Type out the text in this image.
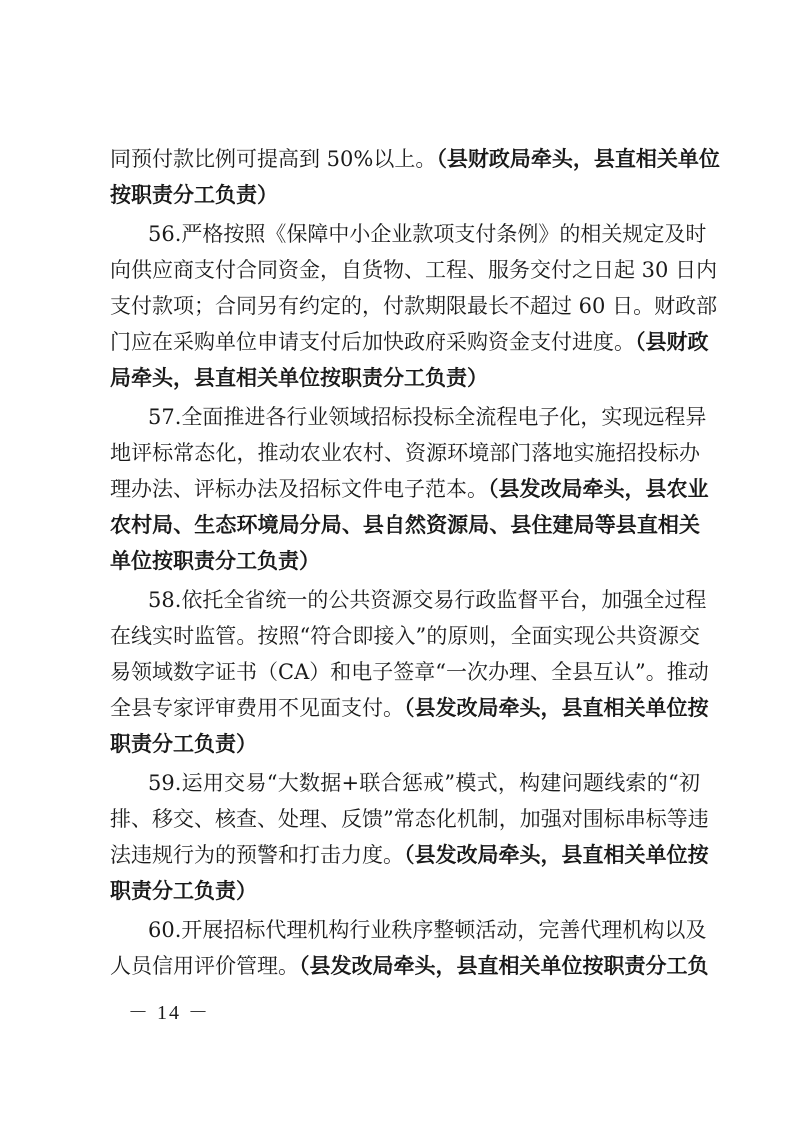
同预付款比例可提高到 50%以上。（县财政局牵头，县直相关单位
按职责分工负责）
56.严格按照《保障中小企业款项支付条例》的相关规定及时
向供应商支付合同资金，自货物、工程、服务交付之日起 30 日内
支付款项；合同另有约定的，付款期限最长不超过 60 日。财政部
门应在采购单位申请支付后加快政府采购资金支付进度。（县财政
局牵头，县直相关单位按职责分工负责）
57.全面推进各行业领域招标投标全流程电子化，实现远程异
地评标常态化，推动农业农村、资源环境部门落地实施招投标办
理办法、评标办法及招标文件电子范本。（县发改局牵头，县农业
农村局、生态环境局分局、县自然资源局、县住建局等县直相关
单位按职责分工负责）
58.依托全省统一的公共资源交易行政监督平台，加强全过程
在线实时监管。按照“符合即接入”的原则，全面实现公共资源交
易领域数字证书（CA）和电子签章“一次办理、全县互认”。推动
全县专家评审费用不见面支付。（县发改局牵头，县直相关单位按
职责分工负责）
59.运用交易“大数据+联合惩戒”模式，构建问题线索的“初
排、移交、核查、处理、反馈”常态化机制，加强对围标串标等违
法违规行为的预警和打击力度。（县发改局牵头，县直相关单位按
职责分工负责）
60.开展招标代理机构行业秩序整顿活动，完善代理机构以及
人员信用评价管理。（县发改局牵头，县直相关单位按职责分工负
－ 14 －
